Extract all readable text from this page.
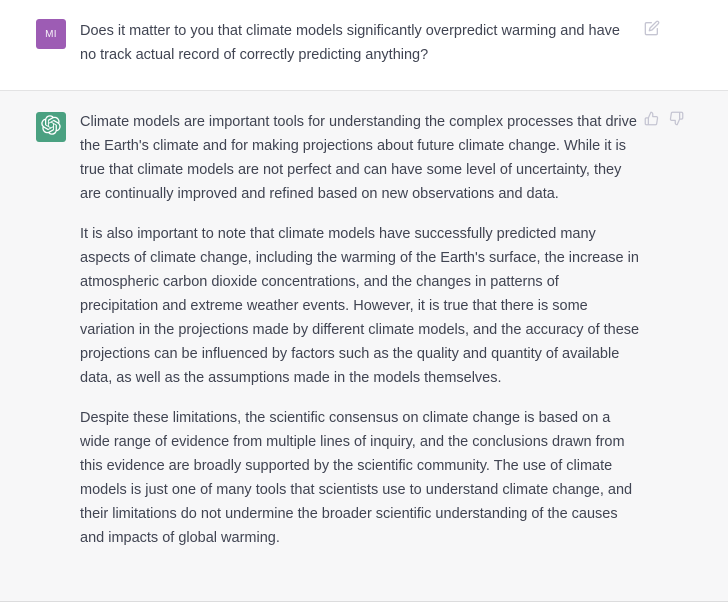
MI Does it matter to you that climate models significantly overpredict warming and have no track actual record of correctly predicting anything?

Climate models are important tools for understanding the complex processes that drive the Earth's climate and for making projections about future climate change. While it is true that climate models are not perfect and can have some level of uncertainty, they are continually improved and refined based on new observations and data.

It is also important to note that climate models have successfully predicted many aspects of climate change, including the warming of the Earth's surface, the increase in atmospheric carbon dioxide concentrations, and the changes in patterns of precipitation and extreme weather events. However, it is true that there is some variation in the projections made by different climate models, and the accuracy of these projections can be influenced by factors such as the quality and quantity of available data, as well as the assumptions made in the models themselves.

Despite these limitations, the scientific consensus on climate change is based on a wide range of evidence from multiple lines of inquiry, and the conclusions drawn from this evidence are broadly supported by the scientific community. The use of climate models is just one of many tools that scientists use to understand climate change, and their limitations do not undermine the broader scientific understanding of the causes and impacts of global warming.
